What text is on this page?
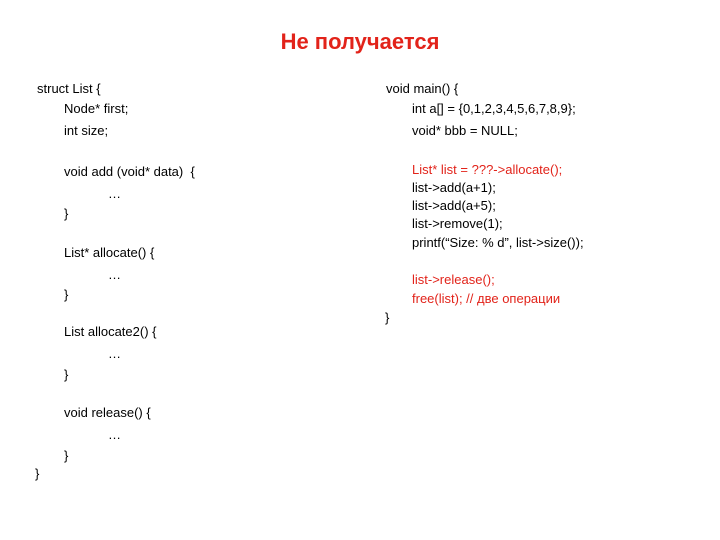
Не получается
struct List {
Node* first;
int size;
void add (void* data)  {
…
}
List* allocate() {
…
}
List allocate2() {
…
}
void release() {
…
}
}
void main() {
int a[] = {0,1,2,3,4,5,6,7,8,9};
void* bbb = NULL;
List* list = ???->allocate();
list->add(a+1);
list->add(a+5);
list->remove(1);
printf(“Size: % d”, list->size());
list->release();
free(list); // две операции
}
